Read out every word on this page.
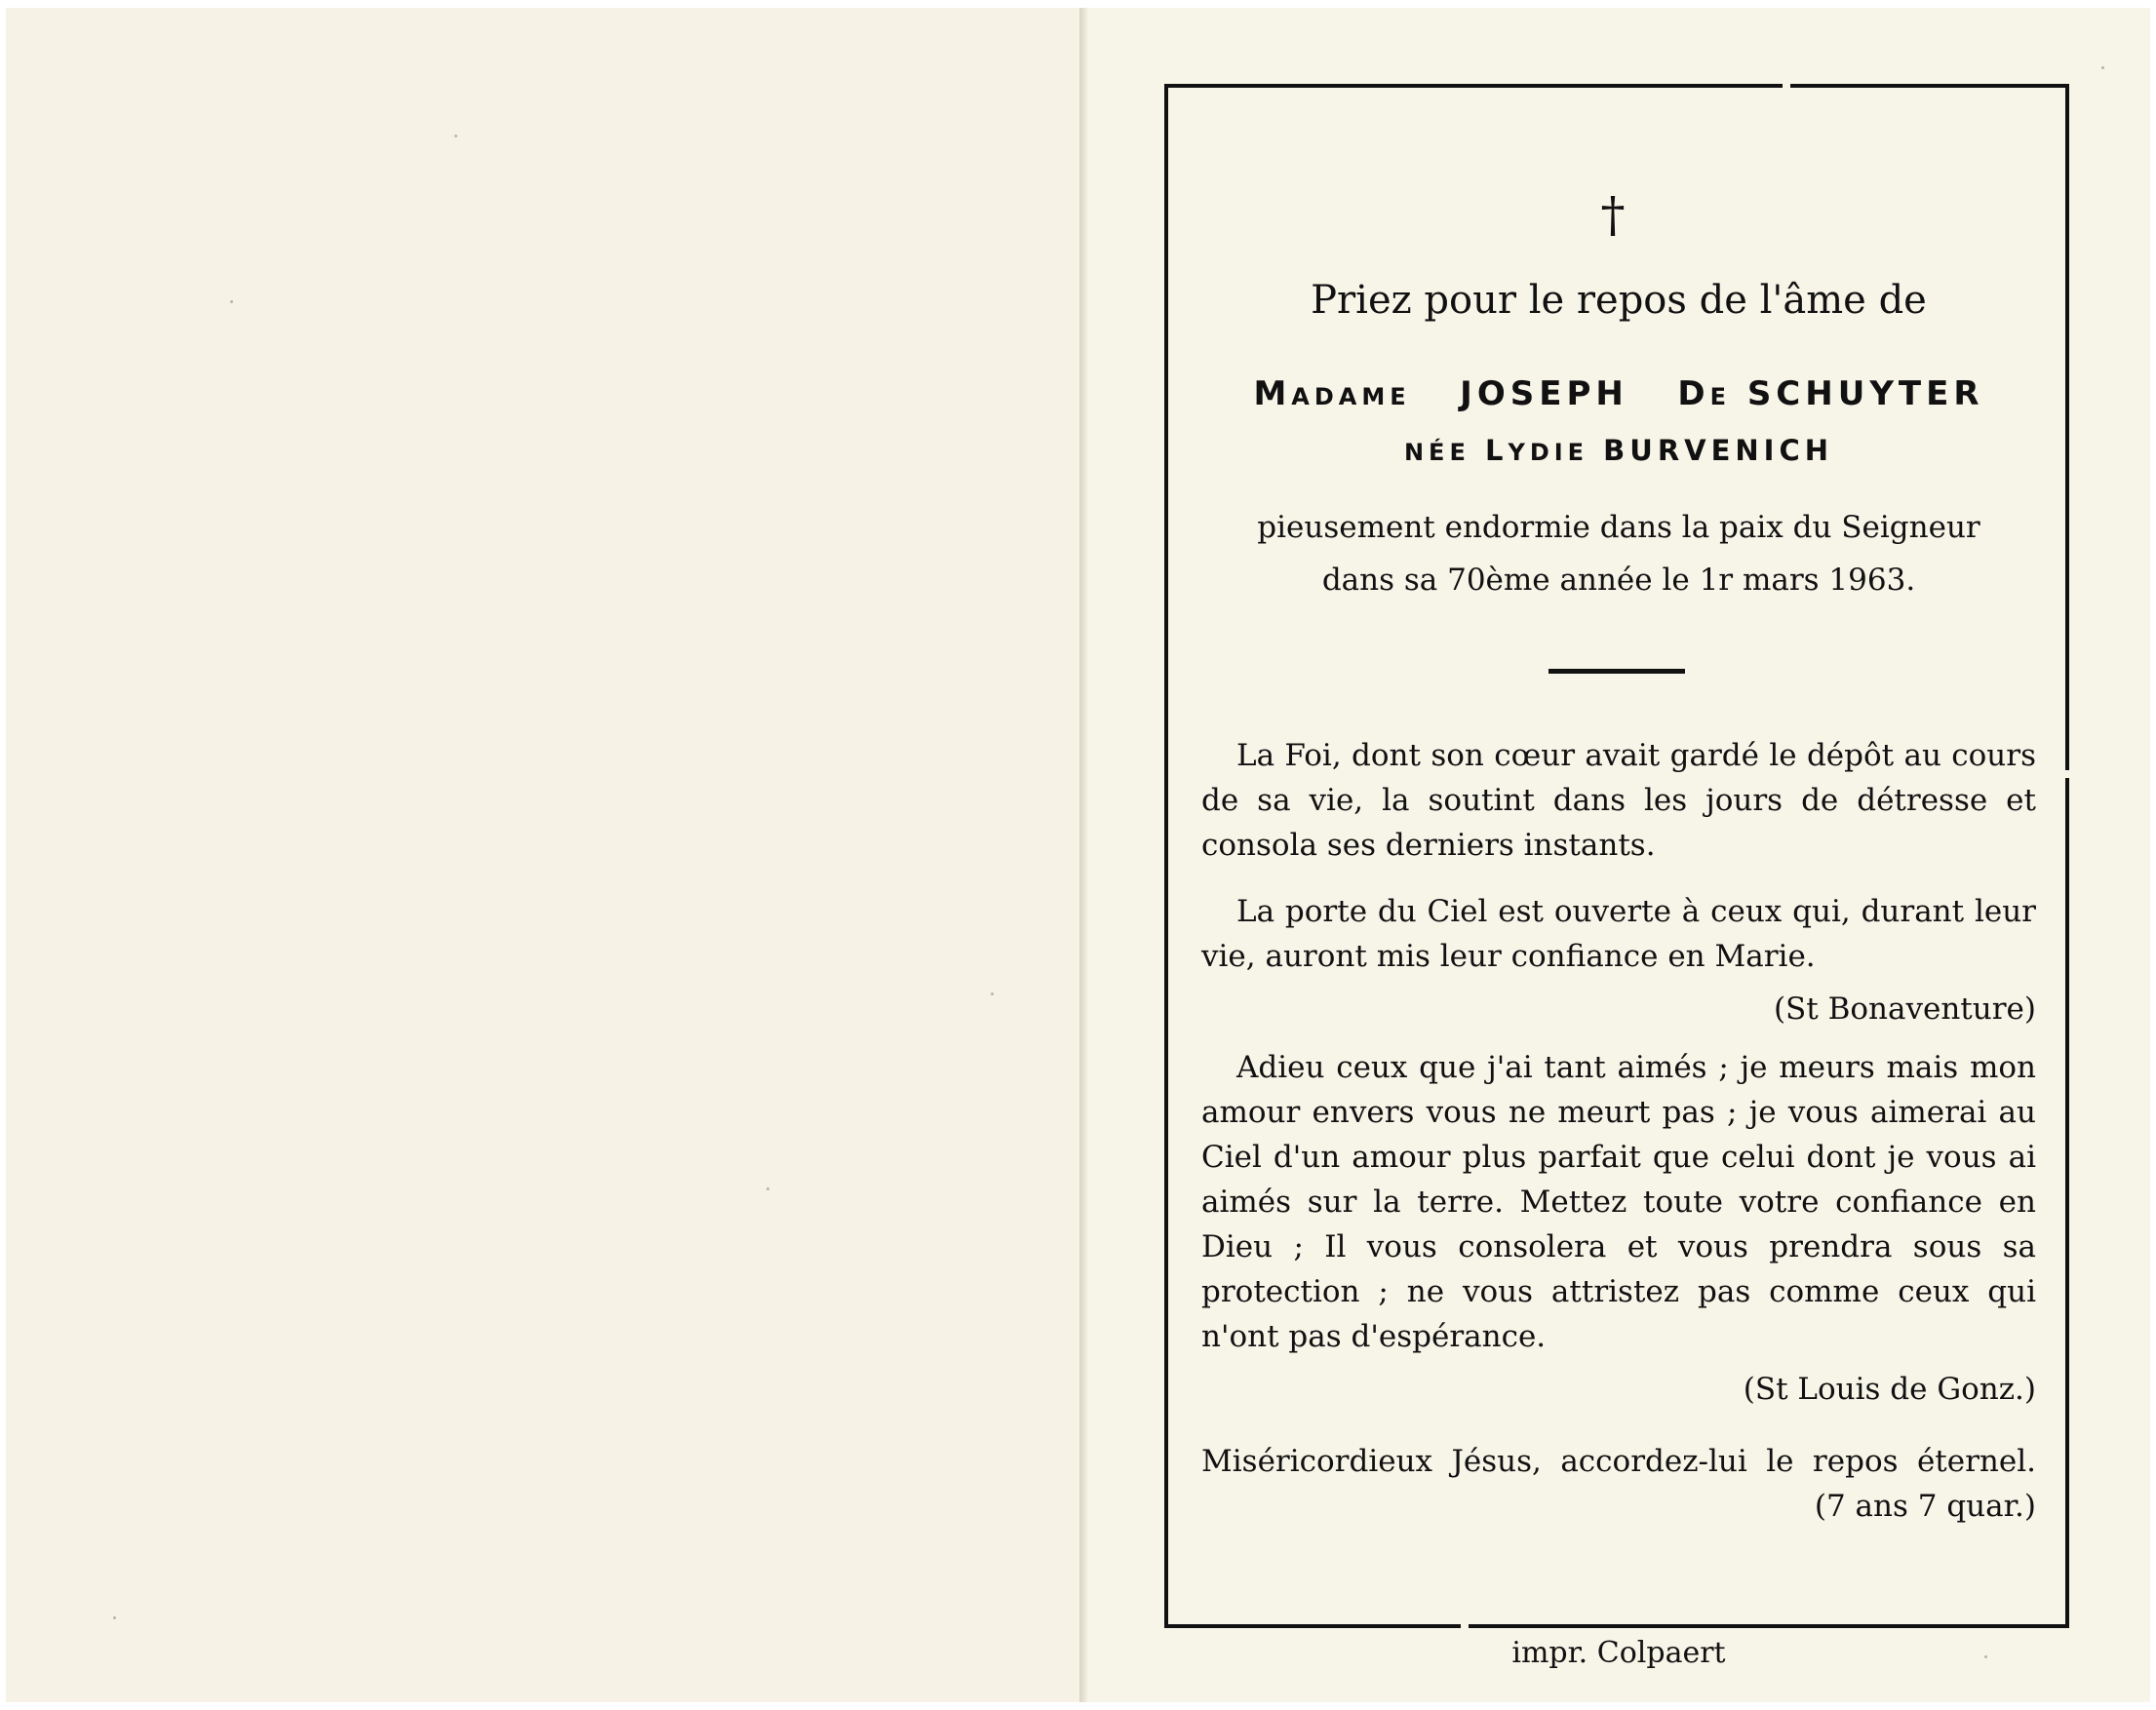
†
Priez pour le repos de l'âme de
MADAME JOSEPH DE SCHUYTER
NÉE LYDIE BURVENICH
pieusement endormie dans la paix du Seigneur
dans sa 70ème année le 1r mars 1963.

La Foi, dont son cœur avait gardé le dépôt au cours de sa vie, la soutint dans les jours de détresse et consola ses derniers instants.

La porte du Ciel est ouverte à ceux qui, durant leur vie, auront mis leur confiance en Marie.

(St Bonaventure)

Adieu ceux que j'ai tant aimés ; je meurs mais mon amour envers vous ne meurt pas ; je vous aimerai au Ciel d'un amour plus parfait que celui dont je vous ai aimés sur la terre. Mettez toute votre confiance en Dieu ; Il vous consolera et vous prendra sous sa protection ; ne vous attristez pas comme ceux qui n'ont pas d'espérance.

(St Louis de Gonz.)

Miséricordieux Jésus, accordez-lui le repos éternel.

(7 ans 7 quar.)

impr. Colpaert
